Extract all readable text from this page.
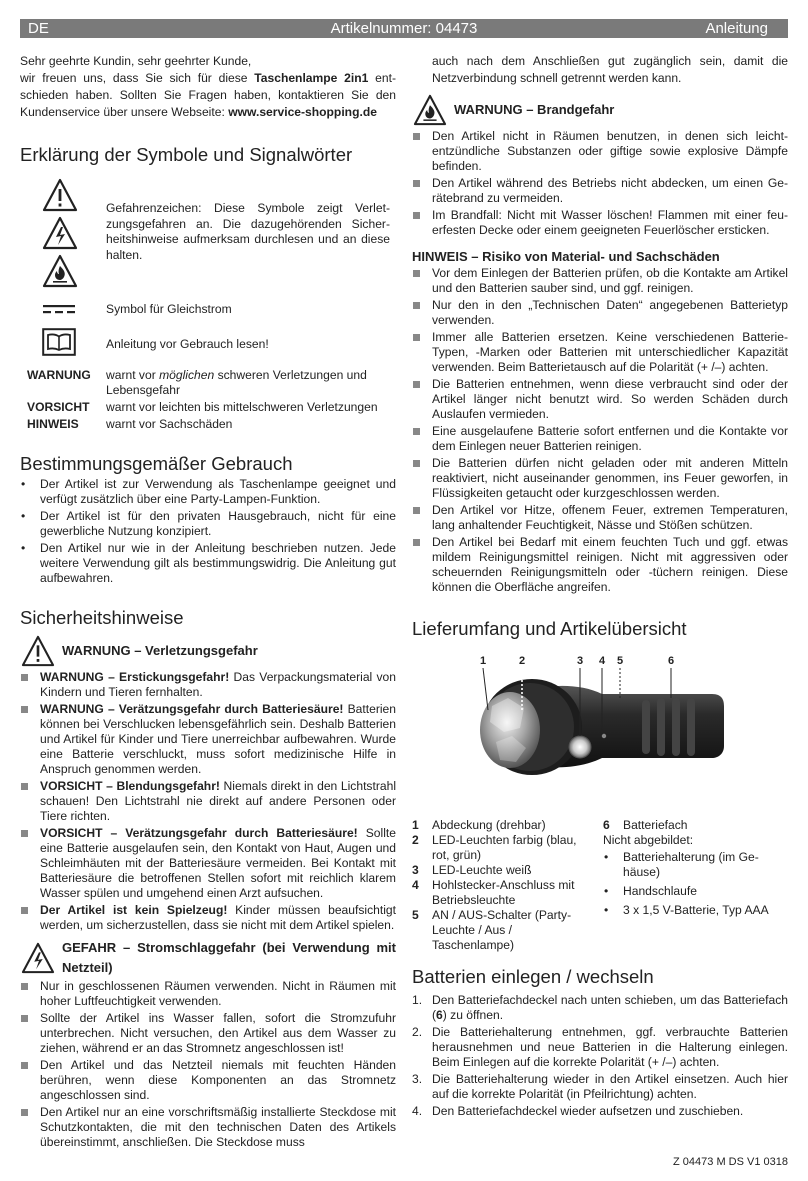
DE	Artikelnummer: 04473	Anleitung

Sehr geehrte Kundin, sehr geehrter Kunde,

wir freuen uns, dass Sie sich für diese Taschenlampe 2in1 entschieden haben. Sollten Sie Fragen haben, kontaktieren Sie den Kundenservice über unsere Webseite: www.service-shopping.de

Erklärung der Symbole und Signalwörter

Gefahrenzeichen: Diese Symbole zeigt Verletzungsgefahren an. Die dazugehörenden Sicherheitshinweise aufmerksam durchlesen und an diese halten.

Symbol für Gleichstrom
Anleitung vor Gebrauch lesen!
WARNUNG warnt vor möglichen schweren Verletzungen und Lebensgefahr
VORSICHT warnt vor leichten bis mittelschweren Verletzungen
HINWEIS warnt vor Sachschäden
Bestimmungsgemäßer Gebrauch
• Der Artikel ist zur Verwendung als Taschenlampe geeignet und verfügt zusätzlich über eine Party-Lampen-Funktion.
• Der Artikel ist für den privaten Hausgebrauch, nicht für eine gewerbliche Nutzung konzipiert.
• Den Artikel nur wie in der Anleitung beschrieben nutzen. Jede weitere Verwendung gilt als bestimmungswidrig. Die Anleitung gut aufbewahren.
Sicherheitshinweise
WARNUNG – Verletzungsgefahr
WARNUNG – Erstickungsgefahr! Das Verpackungsmaterial von Kindern und Tieren fernhalten.
WARNUNG – Verätzungsgefahr durch Batteriesäure! Batterien können bei Verschlucken lebensgefährlich sein. Deshalb Batterien und Artikel für Kinder und Tiere unerreichbar aufbewahren. Wurde eine Batterie verschluckt, muss sofort medizinische Hilfe in Anspruch genommen werden.
VORSICHT – Blendungsgefahr! Niemals direkt in den Lichtstrahl schauen! Den Lichtstrahl nie direkt auf andere Personen oder Tiere richten.
VORSICHT – Verätzungsgefahr durch Batteriesäure! Sollte eine Batterie ausgelaufen sein, den Kontakt von Haut, Augen und Schleimhäuten mit der Batteriesäure vermeiden. Bei Kontakt mit Batteriesäure die betroffenen Stellen sofort mit reichlich klarem Wasser spülen und umgehend einen Arzt aufsuchen.
Der Artikel ist kein Spielzeug! Kinder müssen beaufsichtigt werden, um sicherzustellen, dass sie nicht mit dem Artikel spielen.
GEFAHR – Stromschlaggefahr (bei Verwendung mit Netzteil)
Nur in geschlossenen Räumen verwenden. Nicht in Räumen mit hoher Luftfeuchtigkeit verwenden.
Sollte der Artikel ins Wasser fallen, sofort die Stromzufuhr unterbrechen. Nicht versuchen, den Artikel aus dem Wasser zu ziehen, während er an das Stromnetz angeschlossen ist!
Den Artikel und das Netzteil niemals mit feuchten Händen berühren, wenn diese Komponenten an das Stromnetz angeschlossen sind.
Den Artikel nur an eine vorschriftsmäßig installierte Steckdose mit Schutzkontakten, die mit den technischen Daten des Artikels übereinstimmt, anschließen. Die Steckdose muss

auch nach dem Anschließen gut zugänglich sein, damit die Netzverbindung schnell getrennt werden kann.

WARNUNG – Brandgefahr
Den Artikel nicht in Räumen benutzen, in denen sich leichtentzündliche Substanzen oder giftige sowie explosive Dämpfe befinden.
Den Artikel während des Betriebs nicht abdecken, um einen Gerätebrand zu vermeiden.
Im Brandfall: Nicht mit Wasser löschen! Flammen mit einer feuerfesten Decke oder einem geeigneten Feuerlöscher ersticken.
HINWEIS – Risiko von Material- und Sachschäden
Vor dem Einlegen der Batterien prüfen, ob die Kontakte am Artikel und den Batterien sauber sind, und ggf. reinigen.
Nur den in den „Technischen Daten“ angegebenen Batterietyp verwenden.
Immer alle Batterien ersetzen. Keine verschiedenen Batterie-Typen, -Marken oder Batterien mit unterschiedlicher Kapazität verwenden. Beim Batterietausch auf die Polarität (+ /–) achten.
Die Batterien entnehmen, wenn diese verbraucht sind oder der Artikel länger nicht benutzt wird. So werden Schäden durch Auslaufen vermieden.
Eine ausgelaufene Batterie sofort entfernen und die Kontakte vor dem Einlegen neuer Batterien reinigen.
Die Batterien dürfen nicht geladen oder mit anderen Mitteln reaktiviert, nicht auseinander genommen, ins Feuer geworfen, in Flüssigkeiten getaucht oder kurzgeschlossen werden.
Den Artikel vor Hitze, offenem Feuer, extremen Temperaturen, lang anhaltender Feuchtigkeit, Nässe und Stößen schützen.
Den Artikel bei Bedarf mit einem feuchten Tuch und ggf. etwas mildem Reinigungsmittel reinigen. Nicht mit aggressiven oder scheuernden Reinigungsmitteln oder -tüchern reinigen. Diese können die Oberfläche angreifen.
Lieferumfang und Artikelübersicht
1	2	3 4 5	6
1 Abdeckung (drehbar)
2 LED-Leuchten farbig (blau, rot, grün)
3 LED-Leuchte weiß
4 Hohlstecker-Anschluss mit Betriebsleuchte
5 AN / AUS-Schalter (Party-Leuchte / Aus / Taschenlampe)
6 Batteriefach

Nicht abgebildet:

• Batteriehalterung (im Gehäuse)
• Handschlaufe
• 3 x 1,5 V-Batterie, Typ AAA
Batterien einlegen / wechseln
1. Den Batteriefachdeckel nach unten schieben, um das Batteriefach (6) zu öffnen.
2. Die Batteriehalterung entnehmen, ggf. verbrauchte Batterien herausnehmen und neue Batterien in die Halterung einlegen. Beim Einlegen auf die korrekte Polarität (+ /–) achten.
3. Die Batteriehalterung wieder in den Artikel einsetzen. Auch hier auf die korrekte Polarität (in Pfeilrichtung) achten.
4. Den Batteriefachdeckel wieder aufsetzen und zuschieben.
Z 04473 M DS V1 0318
